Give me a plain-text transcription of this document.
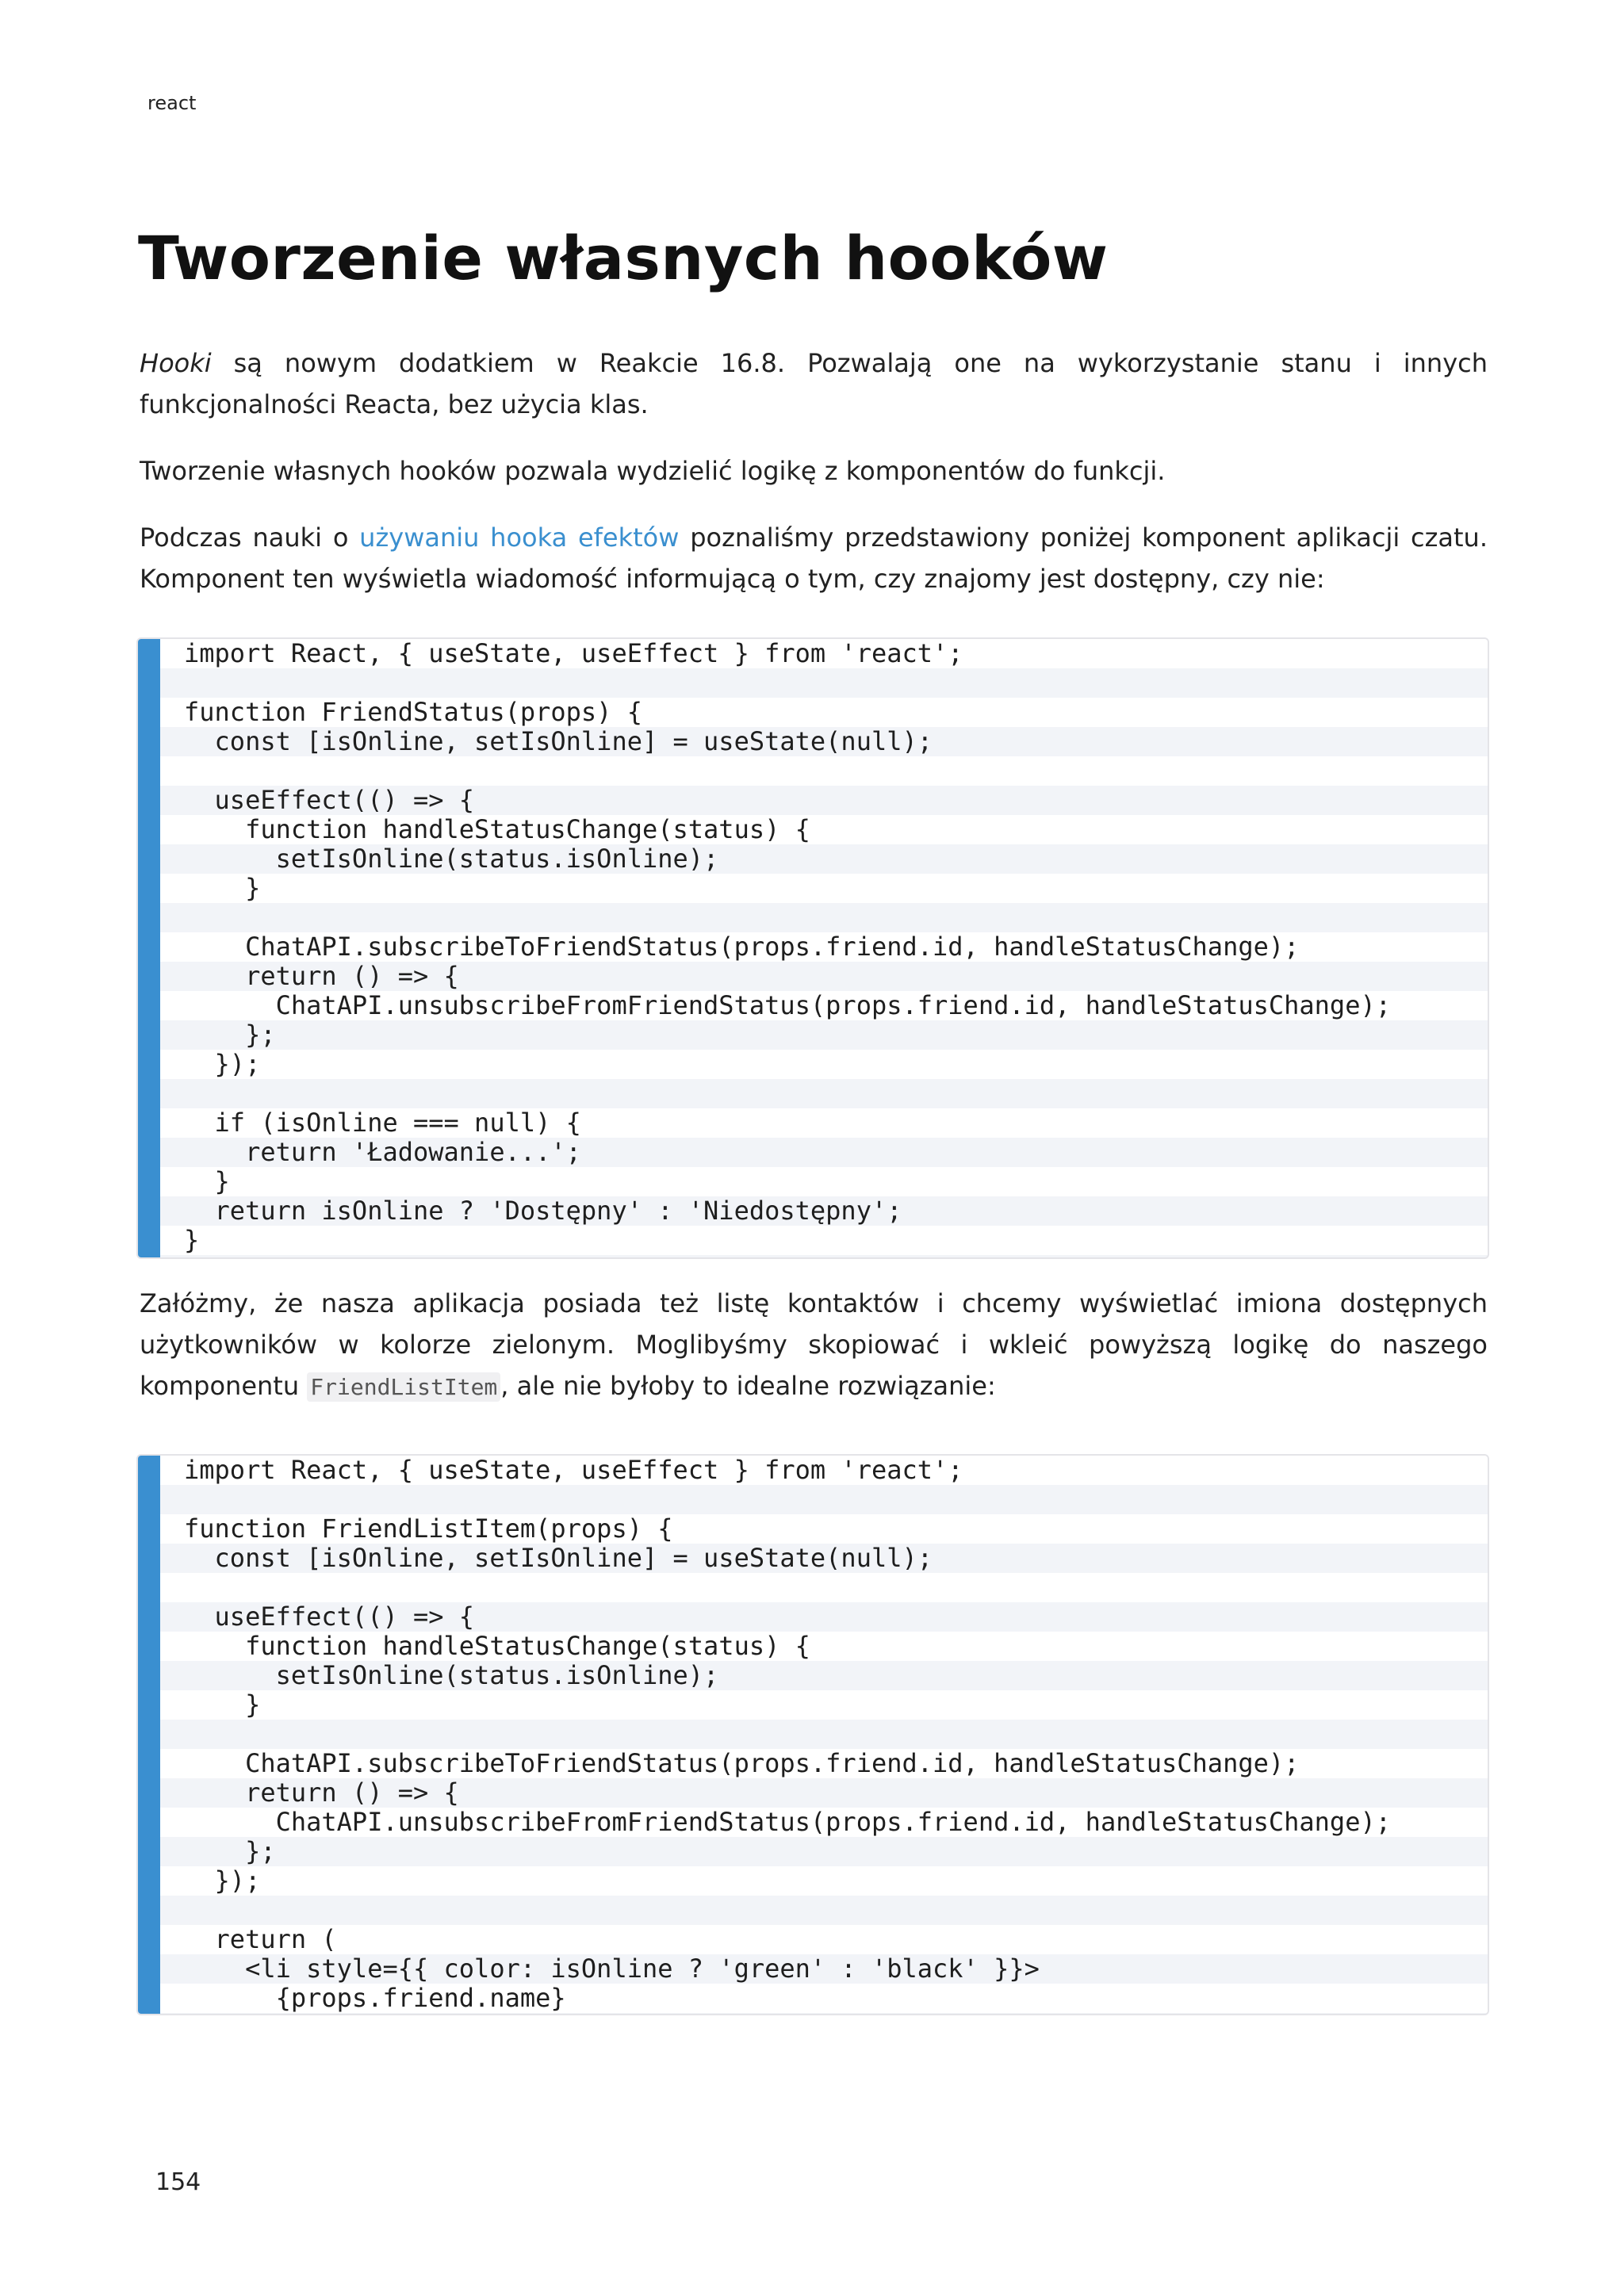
react
Tworzenie własnych hooków

Hooki są nowym dodatkiem w Reakcie 16.8. Pozwalają one na wykorzystanie stanu i innych funkcjonalności Reacta, bez użycia klas.

Tworzenie własnych hooków pozwala wydzielić logikę z komponentów do funkcji.

Podczas nauki o używaniu hooka efektów poznaliśmy przedstawiony poniżej komponent aplikacji czatu. Komponent ten wyświetla wiadomość informującą o tym, czy znajomy jest dostępny, czy nie:

import React, { useState, useEffect } from 'react';

function FriendStatus(props) {
const [isOnline, setIsOnline] = useState(null);

useEffect(() => {
function handleStatusChange(status) {
setIsOnline(status.isOnline);
}

ChatAPI.subscribeToFriendStatus(props.friend.id, handleStatusChange);
return () => {
ChatAPI.unsubscribeFromFriendStatus(props.friend.id, handleStatusChange);
};
});

if (isOnline === null) {
return 'Ładowanie...';
}
return isOnline ? 'Dostępny' : 'Niedostępny';
}

Załóżmy, że nasza aplikacja posiada też listę kontaktów i chcemy wyświetlać imiona dostępnych użytkowników w kolorze zielonym. Moglibyśmy skopiować i wkleić powyższą logikę do naszego komponentu FriendListItem , ale nie byłoby to idealne rozwiązanie:

import React, { useState, useEffect } from 'react';

function FriendListItem(props) {
const [isOnline, setIsOnline] = useState(null);

useEffect(() => {
function handleStatusChange(status) {
setIsOnline(status.isOnline);
}

ChatAPI.subscribeToFriendStatus(props.friend.id, handleStatusChange);
return () => {
ChatAPI.unsubscribeFromFriendStatus(props.friend.id, handleStatusChange);
};
});

return (
<li style={{ color: isOnline ? 'green' : 'black' }}>
{props.friend.name}
154
